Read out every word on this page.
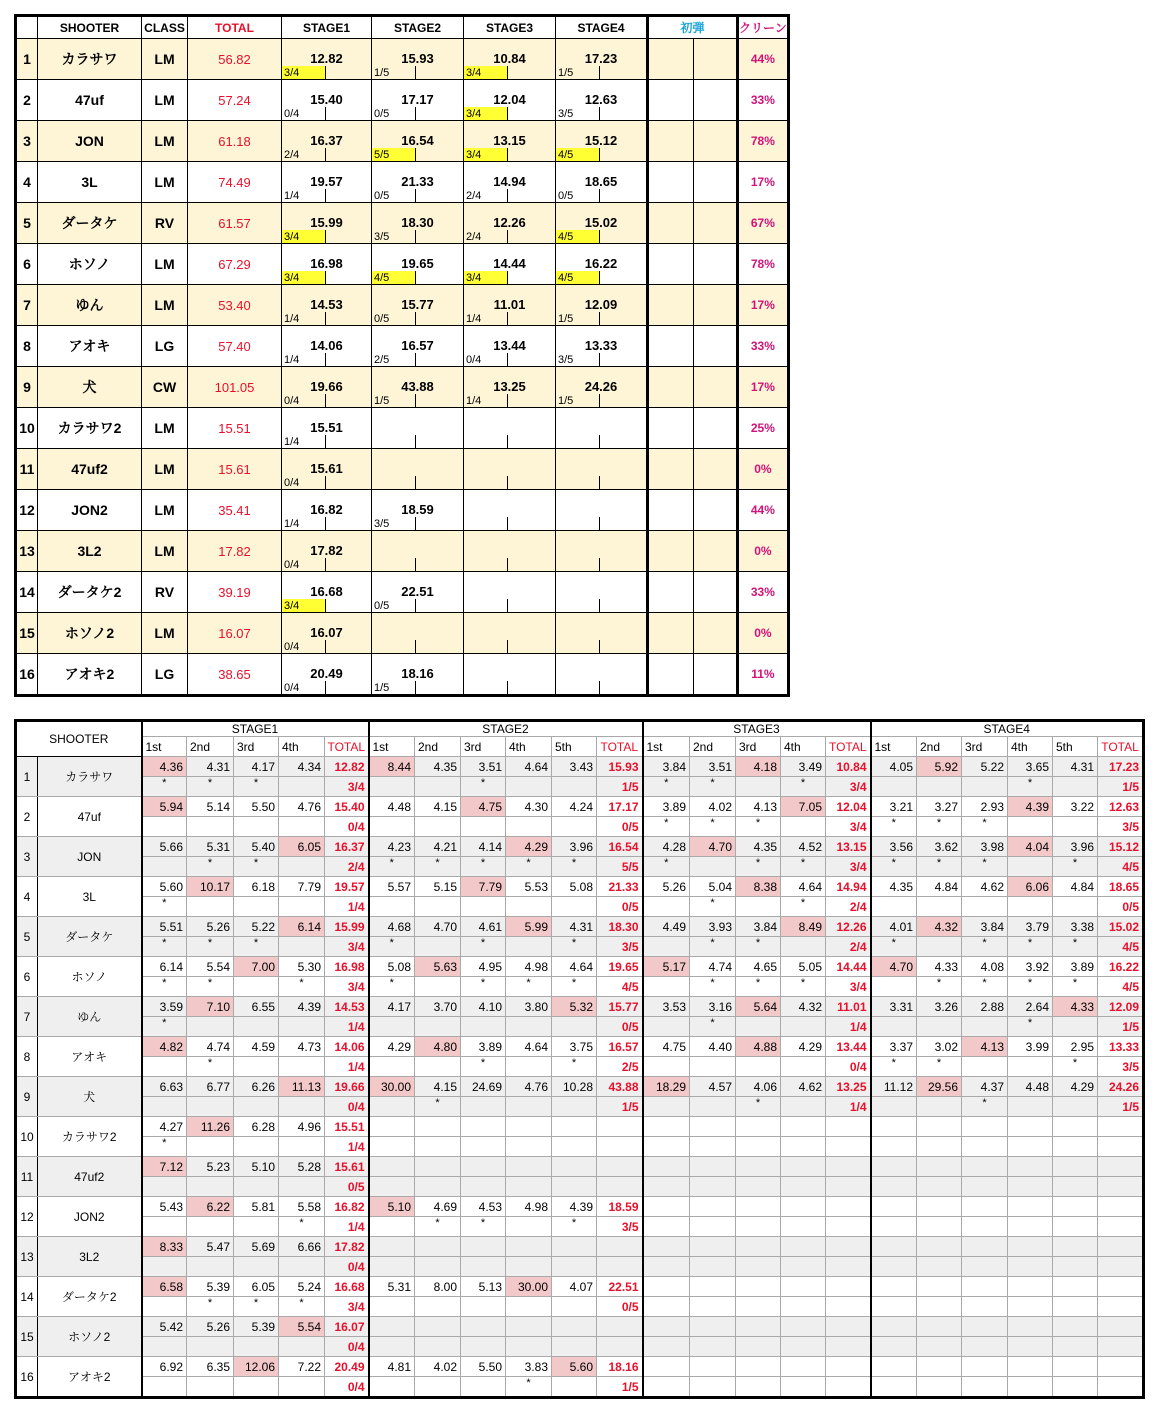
	SHOOTER	CLASS	TOTAL	STAGE1		STAGE2		STAGE3		STAGE4		初弾		クリーン
1	カラサワ	LM	56.82	12.82		15.93		10.84		17.23				44%
				3/4		1/5		3/4		1/5				
2	47uf	LM	57.24	15.40		17.17		12.04		12.63				33%
				0/4		0/5		3/4		3/5				
3	JON	LM	61.18	16.37		16.54		13.15		15.12				78%
				2/4		5/5		3/4		4/5				
4	3L	LM	74.49	19.57		21.33		14.94		18.65				17%
				1/4		0/5		2/4		0/5				
5	ダータケ	RV	61.57	15.99		18.30		12.26		15.02				67%
				3/4		3/5		2/4		4/5				
6	ホソノ	LM	67.29	16.98		19.65		14.44		16.22				78%
				3/4		4/5		3/4		4/5				
7	ゆん	LM	53.40	14.53		15.77		11.01		12.09				17%
				1/4		0/5		1/4		1/5				
8	アオキ	LG	57.40	14.06		16.57		13.44		13.33				33%
				1/4		2/5		0/4		3/5				
9	犬	CW	101.05	19.66		43.88		13.25		24.26				17%
				0/4		1/5		1/4		1/5				
10	カラサワ2	LM	15.51	15.51										25%
				1/4										
11	47uf2	LM	15.61	15.61										0%
				0/4										
12	JON2	LM	35.41	16.82		18.59								44%
				1/4		3/5								
13	3L2	LM	17.82	17.82										0%
				0/4										
14	ダータケ2	RV	39.19	16.68		22.51								33%
				3/4		0/5								
15	ホソノ2	LM	16.07	16.07										0%
				0/4										
16	アオキ2	LG	38.65	20.49		18.16								11%
				0/4		1/5								
SHOOTER		STAGE1					STAGE2						STAGE3					STAGE4					
		1st	2nd	3rd	4th	TOTAL	1st	2nd	3rd	4th	5th	TOTAL	1st	2nd	3rd	4th	TOTAL	1st	2nd	3rd	4th	5th	TOTAL
1	カラサワ	4.36	4.31	4.17	4.34	12.82	8.44	4.35	3.51	4.64	3.43	15.93	3.84	3.51	4.18	3.49	10.84	4.05	5.92	5.22	3.65	4.31	17.23
		*	*	*		3/4			*			1/5	*	*		*	3/4				*		1/5
2	47uf	5.94	5.14	5.50	4.76	15.40	4.48	4.15	4.75	4.30	4.24	17.17	3.89	4.02	4.13	7.05	12.04	3.21	3.27	2.93	4.39	3.22	12.63
						0/4						0/5	*	*	*		3/4	*	*	*			3/5
3	JON	5.66	5.31	5.40	6.05	16.37	4.23	4.21	4.14	4.29	3.96	16.54	4.28	4.70	4.35	4.52	13.15	3.56	3.62	3.98	4.04	3.96	15.12
			*	*		2/4	*	*	*	*	*	5/5	*		*	*	3/4	*	*	*		*	4/5
4	3L	5.60	10.17	6.18	7.79	19.57	5.57	5.15	7.79	5.53	5.08	21.33	5.26	5.04	8.38	4.64	14.94	4.35	4.84	4.62	6.06	4.84	18.65
		*				1/4						0/5		*		*	2/4						0/5
5	ダータケ	5.51	5.26	5.22	6.14	15.99	4.68	4.70	4.61	5.99	4.31	18.30	4.49	3.93	3.84	8.49	12.26	4.01	4.32	3.84	3.79	3.38	15.02
		*	*	*		3/4	*		*		*	3/5		*	*		2/4	*		*	*	*	4/5
6	ホソノ	6.14	5.54	7.00	5.30	16.98	5.08	5.63	4.95	4.98	4.64	19.65	5.17	4.74	4.65	5.05	14.44	4.70	4.33	4.08	3.92	3.89	16.22
		*	*		*	3/4	*		*	*	*	4/5		*	*	*	3/4		*	*	*	*	4/5
7	ゆん	3.59	7.10	6.55	4.39	14.53	4.17	3.70	4.10	3.80	5.32	15.77	3.53	3.16	5.64	4.32	11.01	3.31	3.26	2.88	2.64	4.33	12.09
		*				1/4						0/5		*			1/4				*		1/5
8	アオキ	4.82	4.74	4.59	4.73	14.06	4.29	4.80	3.89	4.64	3.75	16.57	4.75	4.40	4.88	4.29	13.44	3.37	3.02	4.13	3.99	2.95	13.33
			*			1/4			*		*	2/5					0/4	*	*			*	3/5
9	犬	6.63	6.77	6.26	11.13	19.66	30.00	4.15	24.69	4.76	10.28	43.88	18.29	4.57	4.06	4.62	13.25	11.12	29.56	4.37	4.48	4.29	24.26
						0/4		*				1/5			*		1/4			*			1/5
10	カラサワ2	4.27	11.26	6.28	4.96	15.51																	
		*				1/4																	
11	47uf2	7.12	5.23	5.10	5.28	15.61																	
						0/5																	
12	JON2	5.43	6.22	5.81	5.58	16.82	5.10	4.69	4.53	4.98	4.39	18.59											
					*	1/4		*	*		*	3/5											
13	3L2	8.33	5.47	5.69	6.66	17.82																	
						0/4																	
14	ダータケ2	6.58	5.39	6.05	5.24	16.68	5.31	8.00	5.13	30.00	4.07	22.51											
			*	*	*	3/4						0/5											
15	ホソノ2	5.42	5.26	5.39	5.54	16.07																	
						0/4																	
16	アオキ2	6.92	6.35	12.06	7.22	20.49	4.81	4.02	5.50	3.83	5.60	18.16											
						0/4				*		1/5											
